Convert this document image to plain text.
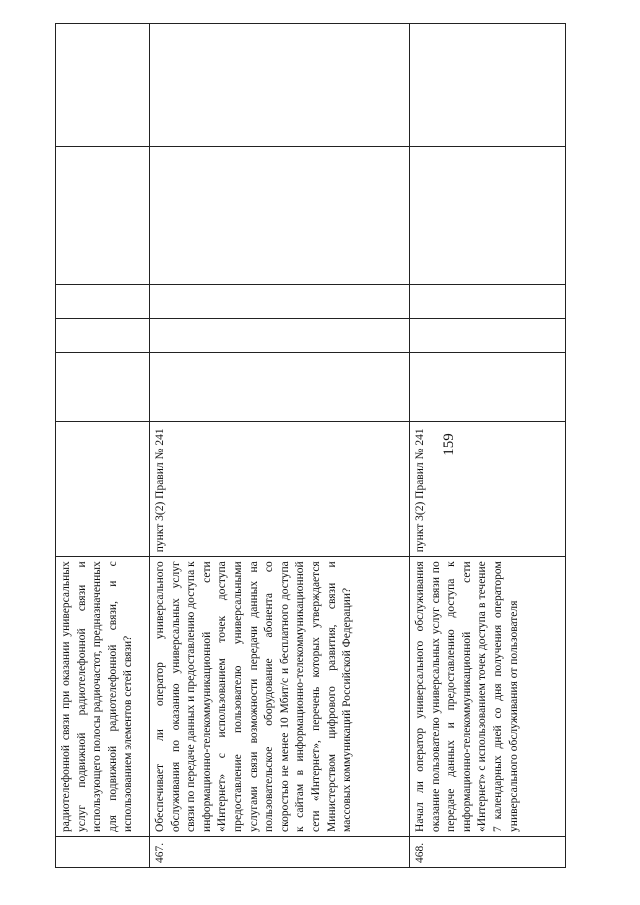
159
	радиотелефонной связи при оказании универсальных услуг подвижной радиотелефонной связи и использующего полосы радиочастот, предназначенных для подвижной радиотелефонной связи, и с использованием элементов сетей связи?						
467.	Обеспечивает ли оператор универсального обслуживания по оказанию универсальных услуг связи по передаче данных и предоставлению доступа к информационно-телекоммуникационной сети «Интернет» с использованием точек доступа предоставление пользователю универсальными услугами связи возможности передачи данных на пользовательское оборудование абонента со скоростью не менее 10 Мбит/с и бесплатного доступа к сайтам в информационно-телекоммуникационной сети «Интернет», перечень которых утверждается Министерством цифрового развития, связи и массовых коммуникаций Российской Федерации?	пункт 3(2) Правил № 241					
468.	Начал ли оператор универсального обслуживания оказание пользователю универсальных услуг связи по передаче данных и предоставлению доступа к информационно-телекоммуникационной сети «Интернет» с использованием точек доступа в течение 7 календарных дней со дня получения оператором универсального обслуживания от пользователя	пункт 3(2) Правил № 241					
